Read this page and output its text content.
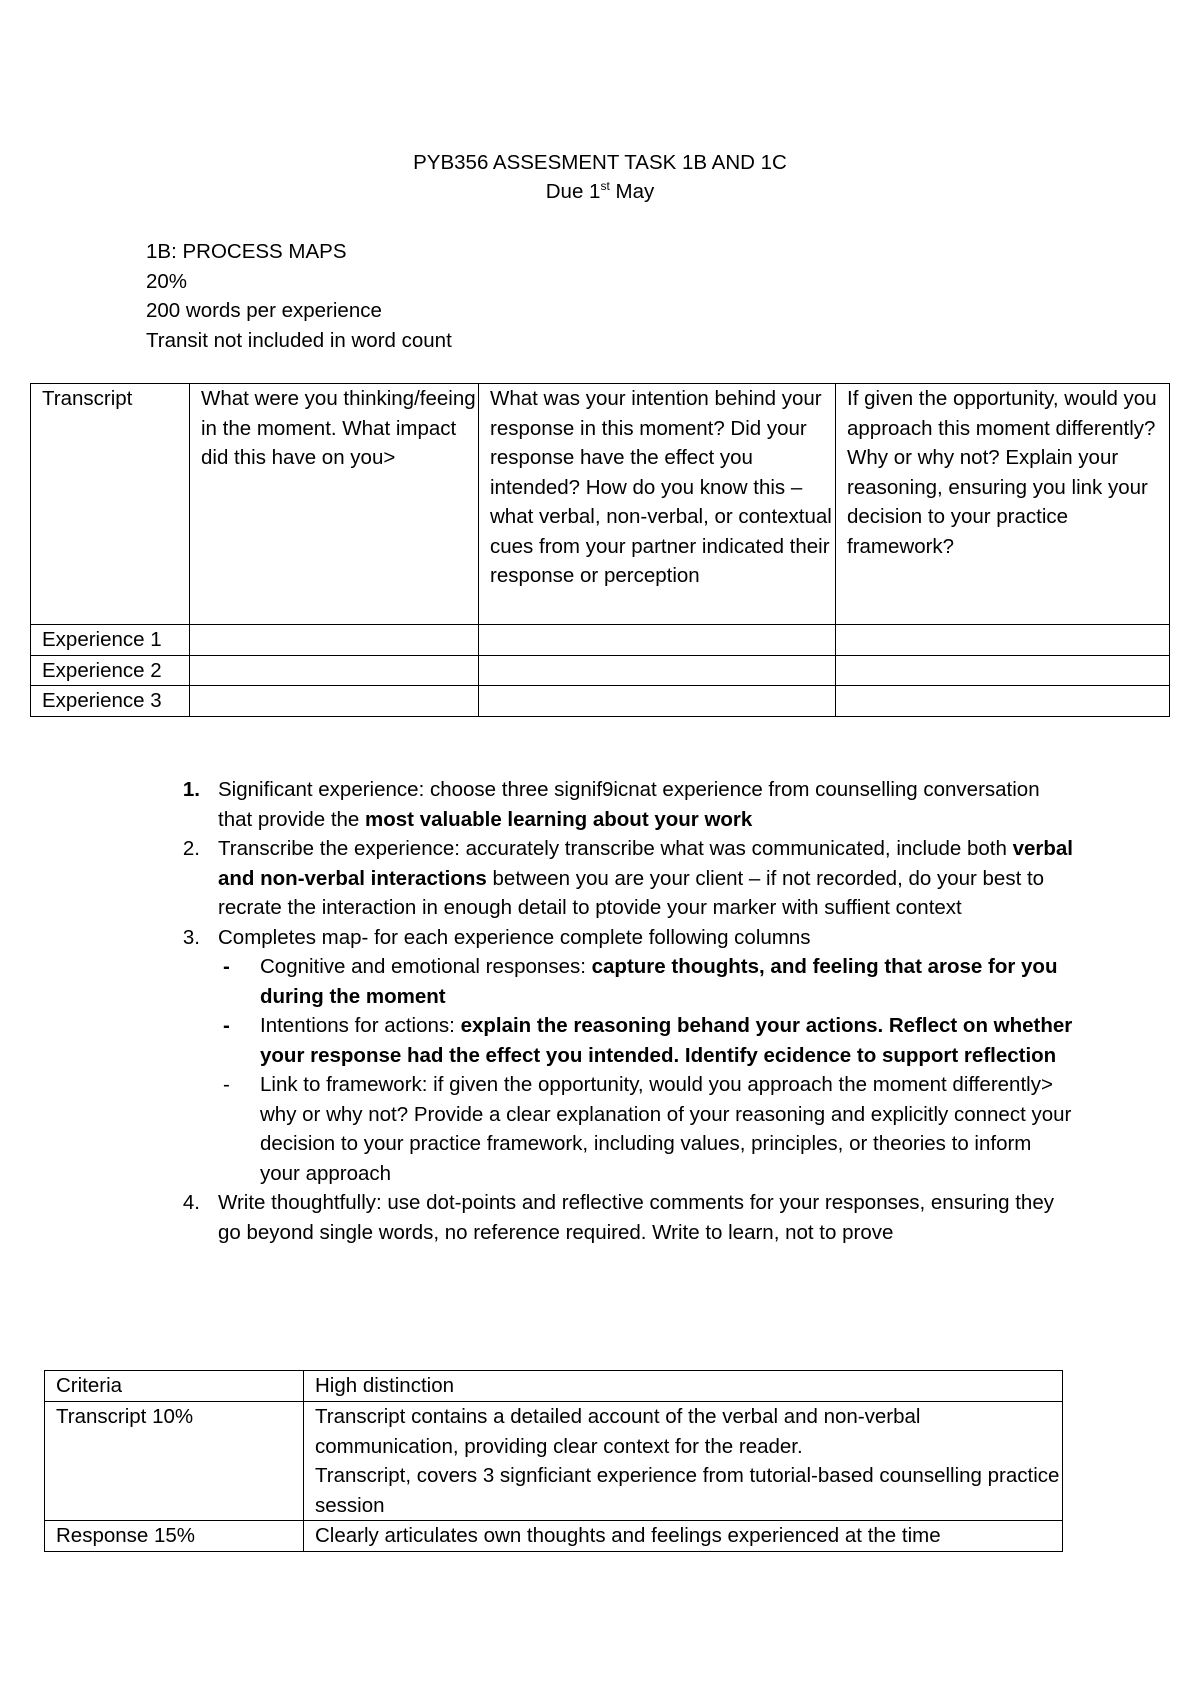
PYB356 ASSESMENT TASK 1B AND 1C
Due 1st May
1B: PROCESS MAPS
20%
200 words per experience
Transit not included in word count
Transcript	What were you thinking/feeing in the moment. What impact did this have on you>	What was your intention behind your response in this moment? Did your response have the effect you intended? How do you know this – what verbal, non-verbal, or contextual cues from your partner indicated their response or perception	If given the opportunity, would you approach this moment differently? Why or why not? Explain your reasoning, ensuring you link your decision to your practice framework?
Experience 1			
Experience 2			
Experience 3			
1. Significant experience: choose three signif9icnat experience from counselling conversation that provide the most valuable learning about your work
2. Transcribe the experience: accurately transcribe what was communicated, include both verbal and non-verbal interactions between you are your client – if not recorded, do your best to recrate the interaction in enough detail to ptovide your marker with suffient context
3. Completes map- for each experience complete following columns
- Cognitive and emotional responses: capture thoughts, and feeling that arose for you during the moment
- Intentions for actions: explain the reasoning behand your actions. Reflect on whether your response had the effect you intended. Identify ecidence to support reflection
- Link to framework: if given the opportunity, would you approach the moment differently> why or why not? Provide a clear explanation of your reasoning and explicitly connect your decision to your practice framework, including values, principles, or theories to inform your approach
4. Write thoughtfully: use dot-points and reflective comments for your responses, ensuring they go beyond single words, no reference required. Write to learn, not to prove
Criteria	High distinction
Transcript 10%	Transcript contains a detailed account of the verbal and non-verbal communication, providing clear context for the reader.
Transcript, covers 3 signficiant experience from tutorial-based counselling practice session

Response 15%	Clearly articulates own thoughts and feelings experienced at the time
